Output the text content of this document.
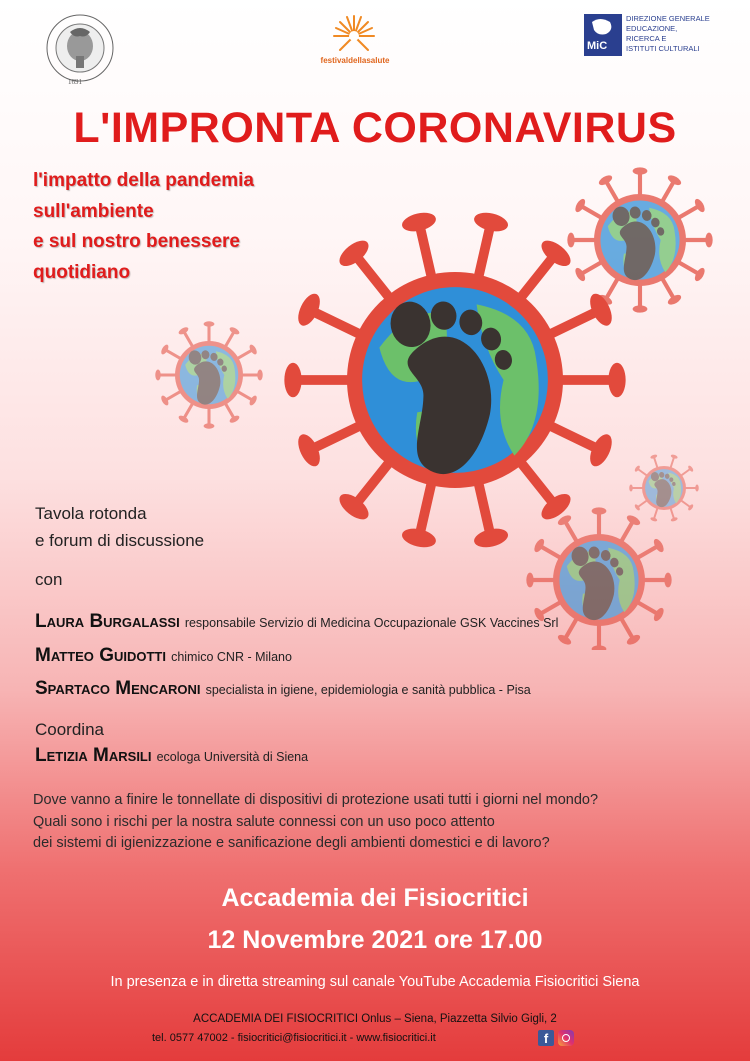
1691
festivaldellasalute
MiC
DIREZIONE GENERALE
EDUCAZIONE,
RICERCA E
ISTITUTI CULTURALI
L'IMPRONTA CORONAVIRUS
l'impatto della pandemia
sull'ambiente
e sul nostro benessere
quotidiano
Tavola rotonda
e forum di discussione
con
Laura Burgalassi responsabile Servizio di Medicina Occupazionale GSK Vaccines Srl
Matteo Guidotti chimico CNR - Milano
Spartaco Mencaroni specialista in igiene, epidemiologia e sanità pubblica - Pisa
Coordina
Letizia Marsili ecologa Università di Siena
Dove vanno a finire le tonnellate di dispositivi di protezione usati tutti i giorni nel mondo?
Quali sono i rischi per la nostra salute connessi con un uso poco attento
dei sistemi di igienizzazione e sanificazione degli ambienti domestici e di lavoro?
Accademia dei Fisiocritici
12 Novembre 2021 ore 17.00
In presenza e in diretta streaming sul canale YouTube Accademia Fisiocritici Siena
ACCADEMIA DEI FISIOCRITICI Onlus – Siena, Piazzetta Silvio Gigli, 2
tel. 0577 47002 - fisiocritici@fisiocritici.it - www.fisiocritici.it	f
